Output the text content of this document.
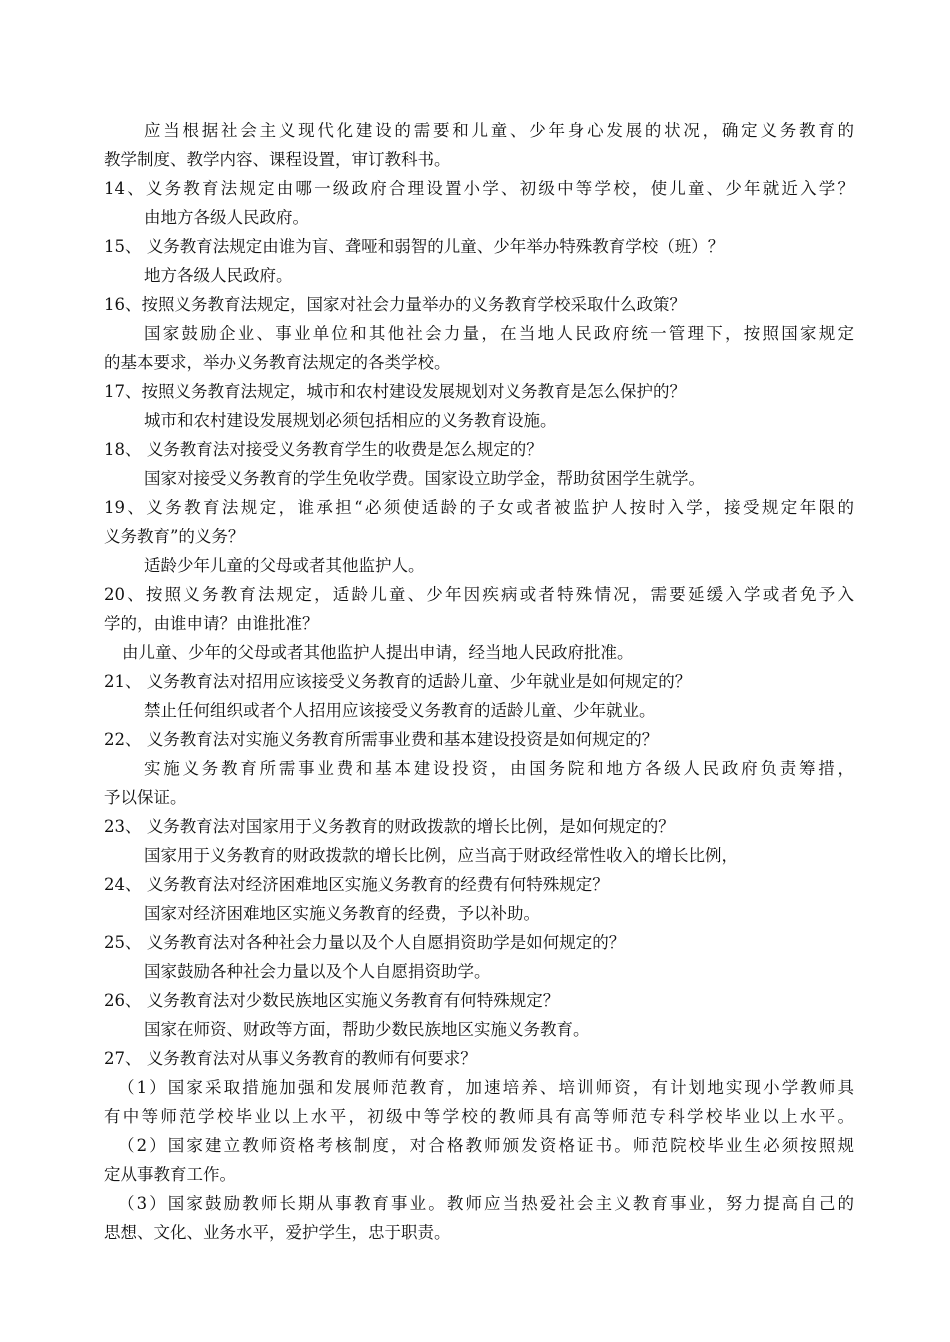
应当根据社会主义现代化建设的需要和儿童、少年身心发展的状况，确定义务教育的
教学制度、教学内容、课程设置，审订教科书。
14、义务教育法规定由哪一级政府合理设置小学、初级中等学校，使儿童、少年就近入学？
由地方各级人民政府。
15、 义务教育法规定由谁为盲、聋哑和弱智的儿童、少年举办特殊教育学校（班）？
地方各级人民政府。
16、按照义务教育法规定，国家对社会力量举办的义务教育学校采取什么政策？
国家鼓励企业、事业单位和其他社会力量，在当地人民政府统一管理下，按照国家规定
的基本要求，举办义务教育法规定的各类学校。
17、按照义务教育法规定，城市和农村建设发展规划对义务教育是怎么保护的？
城市和农村建设发展规划必须包括相应的义务教育设施。
18、 义务教育法对接受义务教育学生的收费是怎么规定的？
国家对接受义务教育的学生免收学费。国家设立助学金，帮助贫困学生就学。
19、义务教育法规定，谁承担“必须使适龄的子女或者被监护人按时入学，接受规定年限的
义务教育”的义务？
适龄少年儿童的父母或者其他监护人。
20、按照义务教育法规定，适龄儿童、少年因疾病或者特殊情况，需要延缓入学或者免予入
学的，由谁申请？由谁批准？
由儿童、少年的父母或者其他监护人提出申请，经当地人民政府批准。
21、 义务教育法对招用应该接受义务教育的适龄儿童、少年就业是如何规定的？
禁止任何组织或者个人招用应该接受义务教育的适龄儿童、少年就业。
22、 义务教育法对实施义务教育所需事业费和基本建设投资是如何规定的？
实施义务教育所需事业费和基本建设投资，由国务院和地方各级人民政府负责筹措，
予以保证。
23、 义务教育法对国家用于义务教育的财政拨款的增长比例，是如何规定的？
国家用于义务教育的财政拨款的增长比例，应当高于财政经常性收入的增长比例，
24、 义务教育法对经济困难地区实施义务教育的经费有何特殊规定？
国家对经济困难地区实施义务教育的经费，予以补助。
25、 义务教育法对各种社会力量以及个人自愿捐资助学是如何规定的？
国家鼓励各种社会力量以及个人自愿捐资助学。
26、 义务教育法对少数民族地区实施义务教育有何特殊规定？
国家在师资、财政等方面，帮助少数民族地区实施义务教育。
27、 义务教育法对从事义务教育的教师有何要求？
（1）国家采取措施加强和发展师范教育，加速培养、培训师资，有计划地实现小学教师具
有中等师范学校毕业以上水平，初级中等学校的教师具有高等师范专科学校毕业以上水平。
（2）国家建立教师资格考核制度，对合格教师颁发资格证书。师范院校毕业生必须按照规
定从事教育工作。
（3）国家鼓励教师长期从事教育事业。教师应当热爱社会主义教育事业，努力提高自己的
思想、文化、业务水平，爱护学生，忠于职责。
